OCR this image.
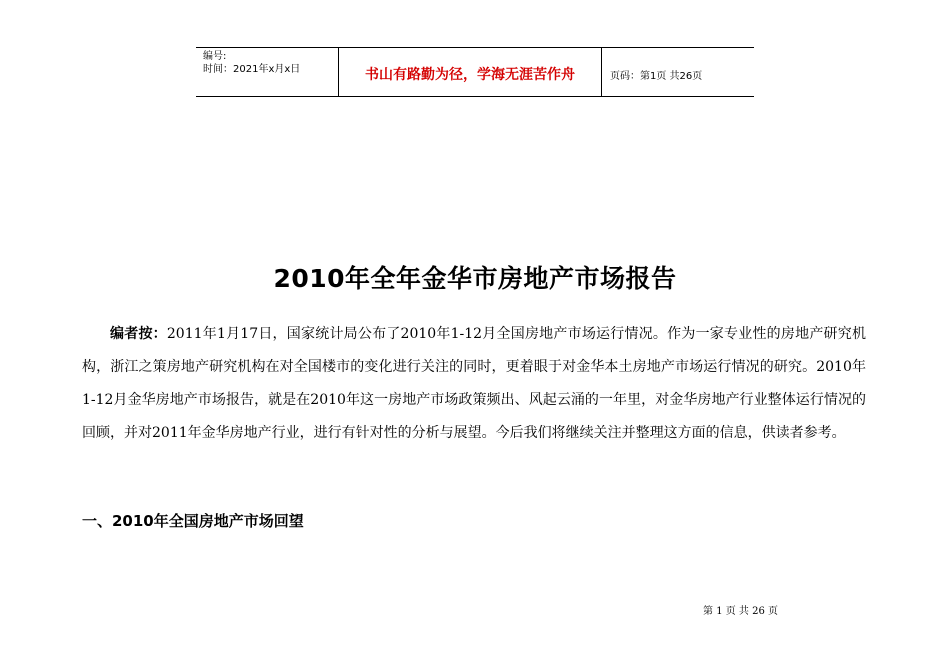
编号:
时间：2021年x月x日	书山有路勤为径，学海无涯苦作舟	页码：第1页 共26页
2010年全年金华市房地产市场报告

编者按：2011年1月17日，国家统计局公布了2010年1-12月全国房地产市场运行情况。作为一家专业性的房地产研究机构，浙江之策房地产研究机构在对全国楼市的变化进行关注的同时，更着眼于对金华本土房地产市场运行情况的研究。2010年1-12月金华房地产市场报告，就是在2010年这一房地产市场政策频出、风起云涌的一年里，对金华房地产行业整体运行情况的回顾，并对2011年金华房地产行业，进行有针对性的分析与展望。今后我们将继续关注并整理这方面的信息，供读者参考。

一、2010年全国房地产市场回望
第 1 页 共 26 页
